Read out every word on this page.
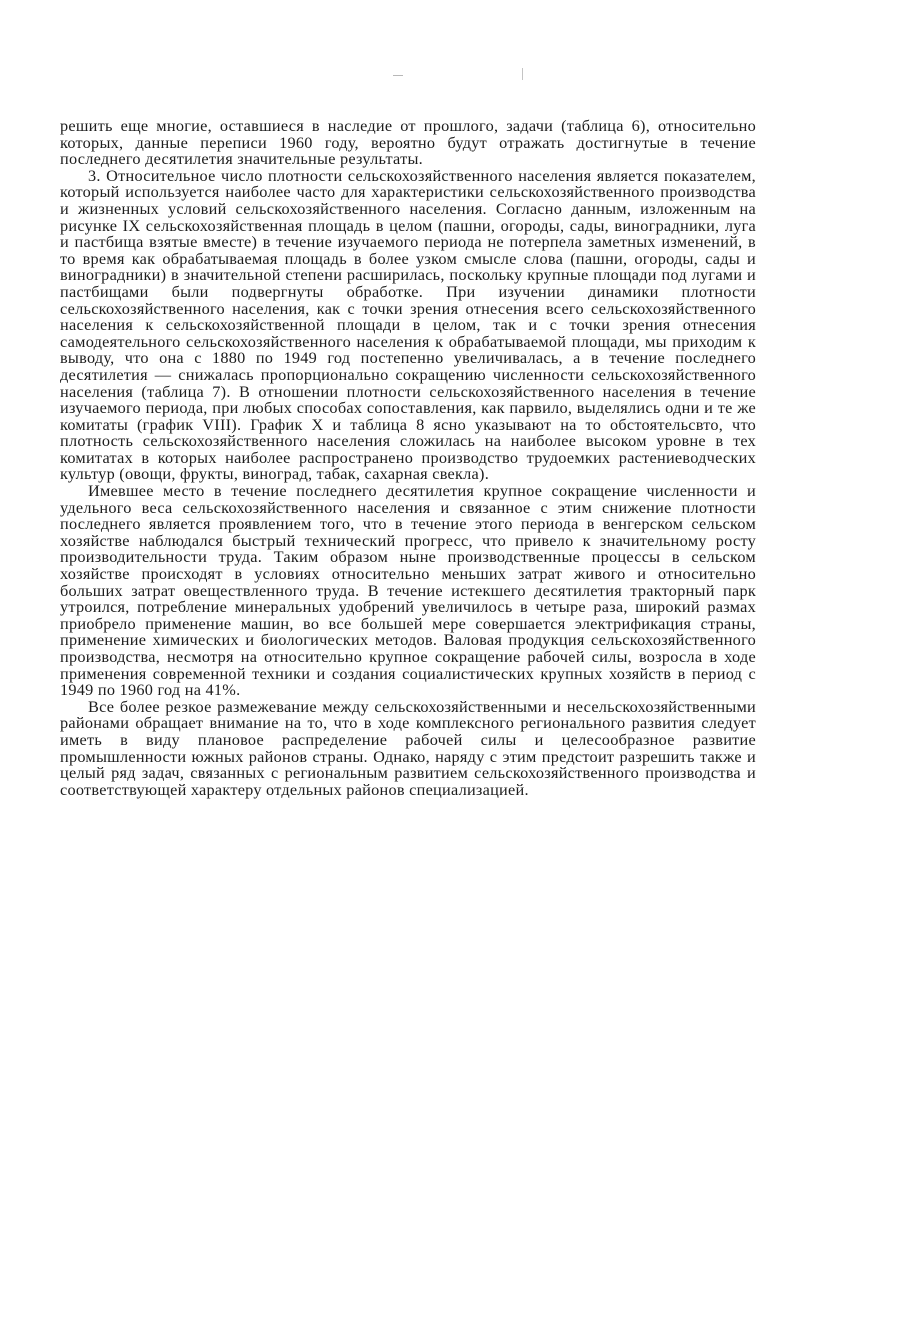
решить еще многие, оставшиеся в наследие от прошлого, задачи (таблица 6), относительно которых, данные переписи 1960 году, вероятно будут отражать достигнутые в течение последнего десятилетия значительные результаты.

3. Относительное число плотности сельскохозяйственного населения является показателем, который используется наиболее часто для характеристики сельскохозяйственного производства и жизненных условий сельскохозяйственного населения. Согласно данным, изложенным на рисунке IX сельскохозяйственная площадь в целом (пашни, огороды, сады, виноградники, луга и пастбища взятые вместе) в течение изучаемого периода не потерпела заметных изменений, в то время как обрабатываемая площадь в более узком смысле слова (пашни, огороды, сады и виноградники) в значительной степени расширилась, поскольку крупные площади под лугами и пастбищами были подвергнуты обработке. При изучении динамики плотности сельскохозяйственного населения, как с точки зрения отнесения всего сельскохозяйственного населения к сельскохозяйственной площади в целом, так и с точки зрения отнесения самодеятельного сельскохозяйственного населения к обрабатываемой площади, мы приходим к выводу, что она с 1880 по 1949 год постепенно увеличивалась, а в течение последнего десятилетия — снижалась пропорционально сокращению численности сельскохозяйственного населения (таблица 7). В отношении плотности сельскохозяйственного населения в течение изучаемого периода, при любых способах сопоставления, как парвило, выделялись одни и те же комитаты (график VIII). График X и таблица 8 ясно указывают на то обстоятельсвто, что плотность сельскохозяйственного населения сложилась на наиболее высоком уровне в тех комитатах в которых наиболее распространено производство трудоемких растениеводческих культур (овощи, фрукты, виноград, табак, сахарная свекла).

Имевшее место в течение последнего десятилетия крупное сокращение численности и удельного веса сельскохозяйственного населения и связанное с этим снижение плотности последнего является проявлением того, что в течение этого периода в венгерском сельском хозяйстве наблюдался быстрый технический прогресс, что привело к значительному росту производительности труда. Таким образом ныне производственные процессы в сельском хозяйстве происходят в условиях относительно меньших затрат живого и относительно больших затрат овеществленного труда. В течение истекшего десятилетия тракторный парк утроился, потребление минеральных удобрений увеличилось в четыре раза, широкий размах приобрело применение машин, во все большей мере совершается электрификация страны, применение химических и биологических методов. Валовая продукция сельскохозяйственного производства, несмотря на относительно крупное сокращение рабочей силы, возросла в ходе применения современной техники и создания социалистических крупных хозяйств в период с 1949 по 1960 год на 41%.

Все более резкое размежевание между сельскохозяйственными и несельскохозяйственными районами обращает внимание на то, что в ходе комплексного регионального развития следует иметь в виду плановое распределение рабочей силы и целесообразное развитие промышленности южных районов страны. Однако, наряду с этим предстоит разрешить также и целый ряд задач, связанных с региональным развитием сельскохозяйственного производства и соответствующей характеру отдельных районов специализацией.
